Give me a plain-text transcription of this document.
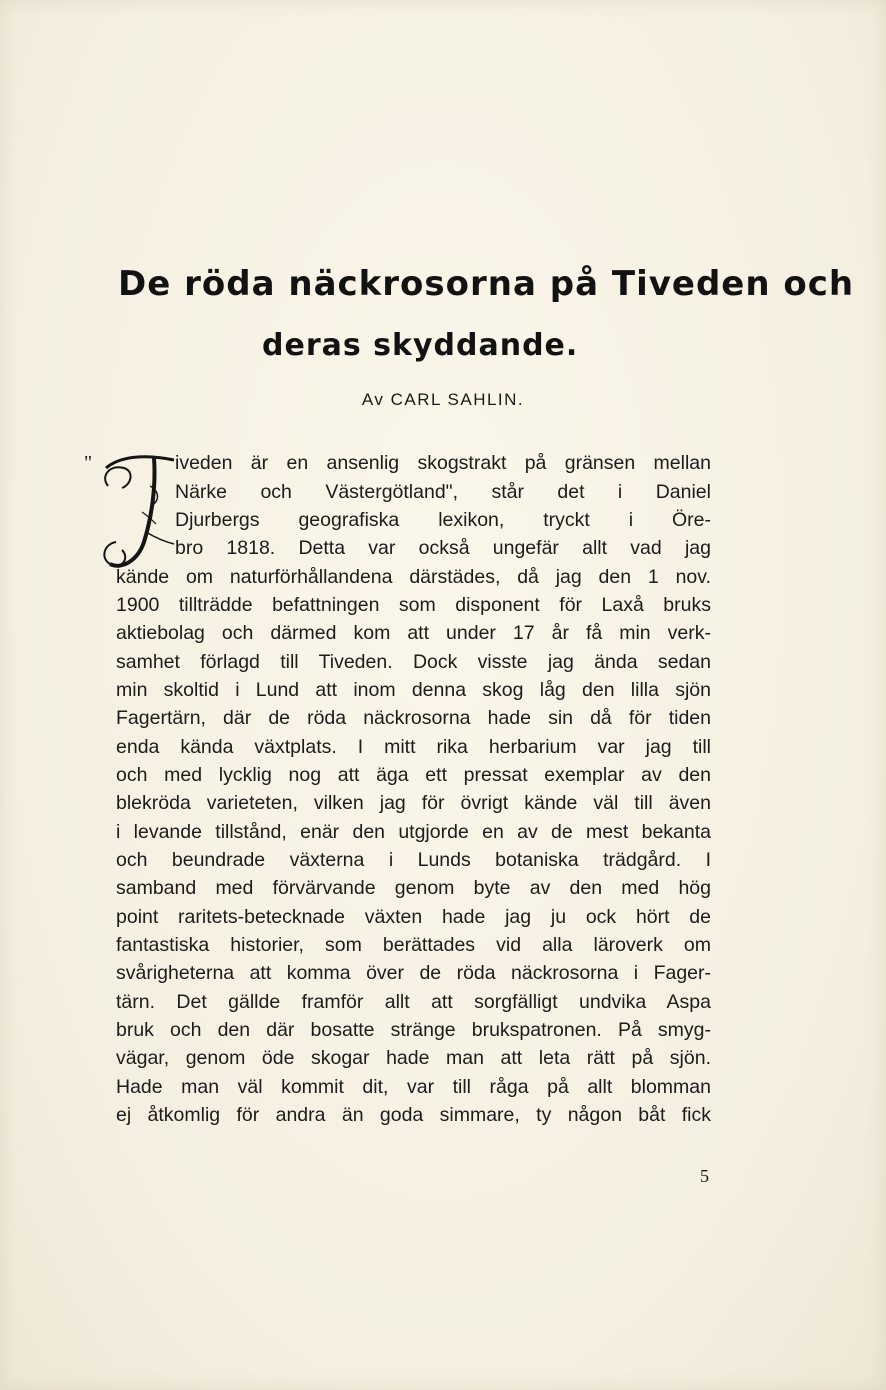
De röda näckrosorna på Tiveden och
deras skyddande.
Av CARL SAHLIN.
"
T
iveden är en ansenlig skogstrakt på gränsen mellan
Närke och Västergötland", står det i Daniel
Djurbergs geografiska lexikon, tryckt i Öre-
bro 1818. Detta var också ungefär allt vad jag
kände om naturförhållandena därstädes, då jag den 1 nov.
1900 tillträdde befattningen som disponent för Laxå bruks
aktiebolag och därmed kom att under 17 år få min verk-
samhet förlagd till Tiveden. Dock visste jag ända sedan
min skoltid i Lund att inom denna skog låg den lilla sjön
Fagertärn, där de röda näckrosorna hade sin då för tiden
enda kända växtplats. I mitt rika herbarium var jag till
och med lycklig nog att äga ett pressat exemplar av den
blekröda varieteten, vilken jag för övrigt kände väl till även
i levande tillstånd, enär den utgjorde en av de mest bekanta
och beundrade växterna i Lunds botaniska trädgård. I
samband med förvärvande genom byte av den med hög
point raritets-betecknade växten hade jag ju ock hört de
fantastiska historier, som berättades vid alla läroverk om
svårigheterna att komma över de röda näckrosorna i Fager-
tärn. Det gällde framför allt att sorgfälligt undvika Aspa
bruk och den där bosatte stränge brukspatronen. På smyg-
vägar, genom öde skogar hade man att leta rätt på sjön.
Hade man väl kommit dit, var till råga på allt blomman
ej åtkomlig för andra än goda simmare, ty någon båt fick
5
